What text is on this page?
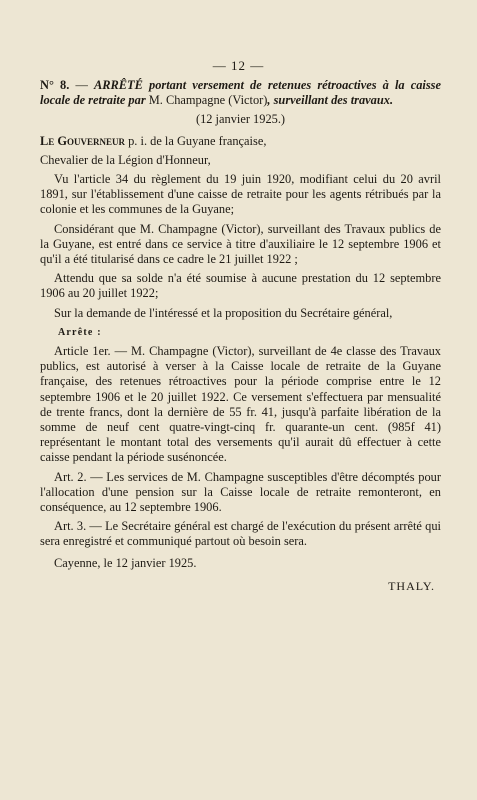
— 12 —

N° 8. — ARRÊTÉ portant versement de retenues rétroactives à la caisse locale de retraite par M. Champagne (Victor), surveillant des travaux.

(12 janvier 1925.)

Le Gouverneur p. i. de la Guyane française,

Chevalier de la Légion d'Honneur,

Vu l'article 34 du règlement du 19 juin 1920, modifiant celui du 20 avril 1891, sur l'établissement d'une caisse de retraite pour les agents rétribués par la colonie et les communes de la Guyane;

Considérant que M. Champagne (Victor), surveillant des Travaux publics de la Guyane, est entré dans ce service à titre d'auxiliaire le 12 septembre 1906 et qu'il a été titularisé dans ce cadre le 21 juillet 1922 ;

Attendu que sa solde n'a été soumise à aucune prestation du 12 septembre 1906 au 20 juillet 1922;

Sur la demande de l'intéressé et la proposition du Secrétaire général,

Arrête :

Article 1er. — M. Champagne (Victor), surveillant de 4e classe des Travaux publics, est autorisé à verser à la Caisse locale de retraite de la Guyane française, des retenues rétroactives pour la période comprise entre le 12 septembre 1906 et le 20 juillet 1922. Ce versement s'effectuera par mensualité de trente francs, dont la dernière de 55 fr. 41, jusqu'à parfaite libération de la somme de neuf cent quatre-vingt-cinq fr. quarante-un cent. (985f 41) représentant le montant total des versements qu'il aurait dû effectuer à cette caisse pendant la période susénoncée.

Art. 2. — Les services de M. Champagne susceptibles d'être décomptés pour l'allocation d'une pension sur la Caisse locale de retraite remonteront, en conséquence, au 12 septembre 1906.

Art. 3. — Le Secrétaire général est chargé de l'exécution du présent arrêté qui sera enregistré et communiqué partout où besoin sera.

Cayenne, le 12 janvier 1925.

THALY.
